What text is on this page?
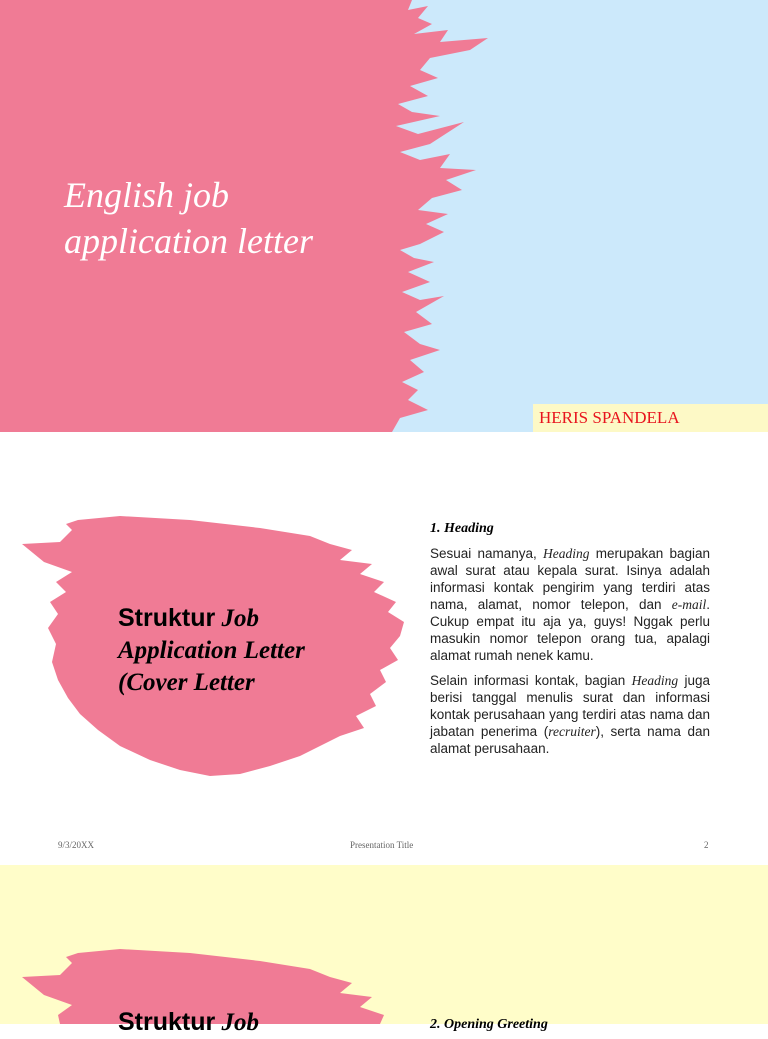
English job
application letter
HERIS SPANDELA
Struktur Job
Application Letter
(Cover Letter
1. Heading

Sesuai namanya, Heading merupakan bagian awal surat atau kepala surat. Isinya adalah informasi kontak pengirim yang terdiri atas nama, alamat, nomor telepon, dan e-mail. Cukup empat itu aja ya, guys! Nggak perlu masukin nomor telepon orang tua, apalagi alamat rumah nenek kamu.

Selain informasi kontak, bagian Heading juga berisi tanggal menulis surat dan informasi kontak perusahaan yang terdiri atas nama dan jabatan penerima (recruiter), serta nama dan alamat perusahaan.

9/3/20XX	Presentation Title	2
Struktur Job	2. Opening Greeting
